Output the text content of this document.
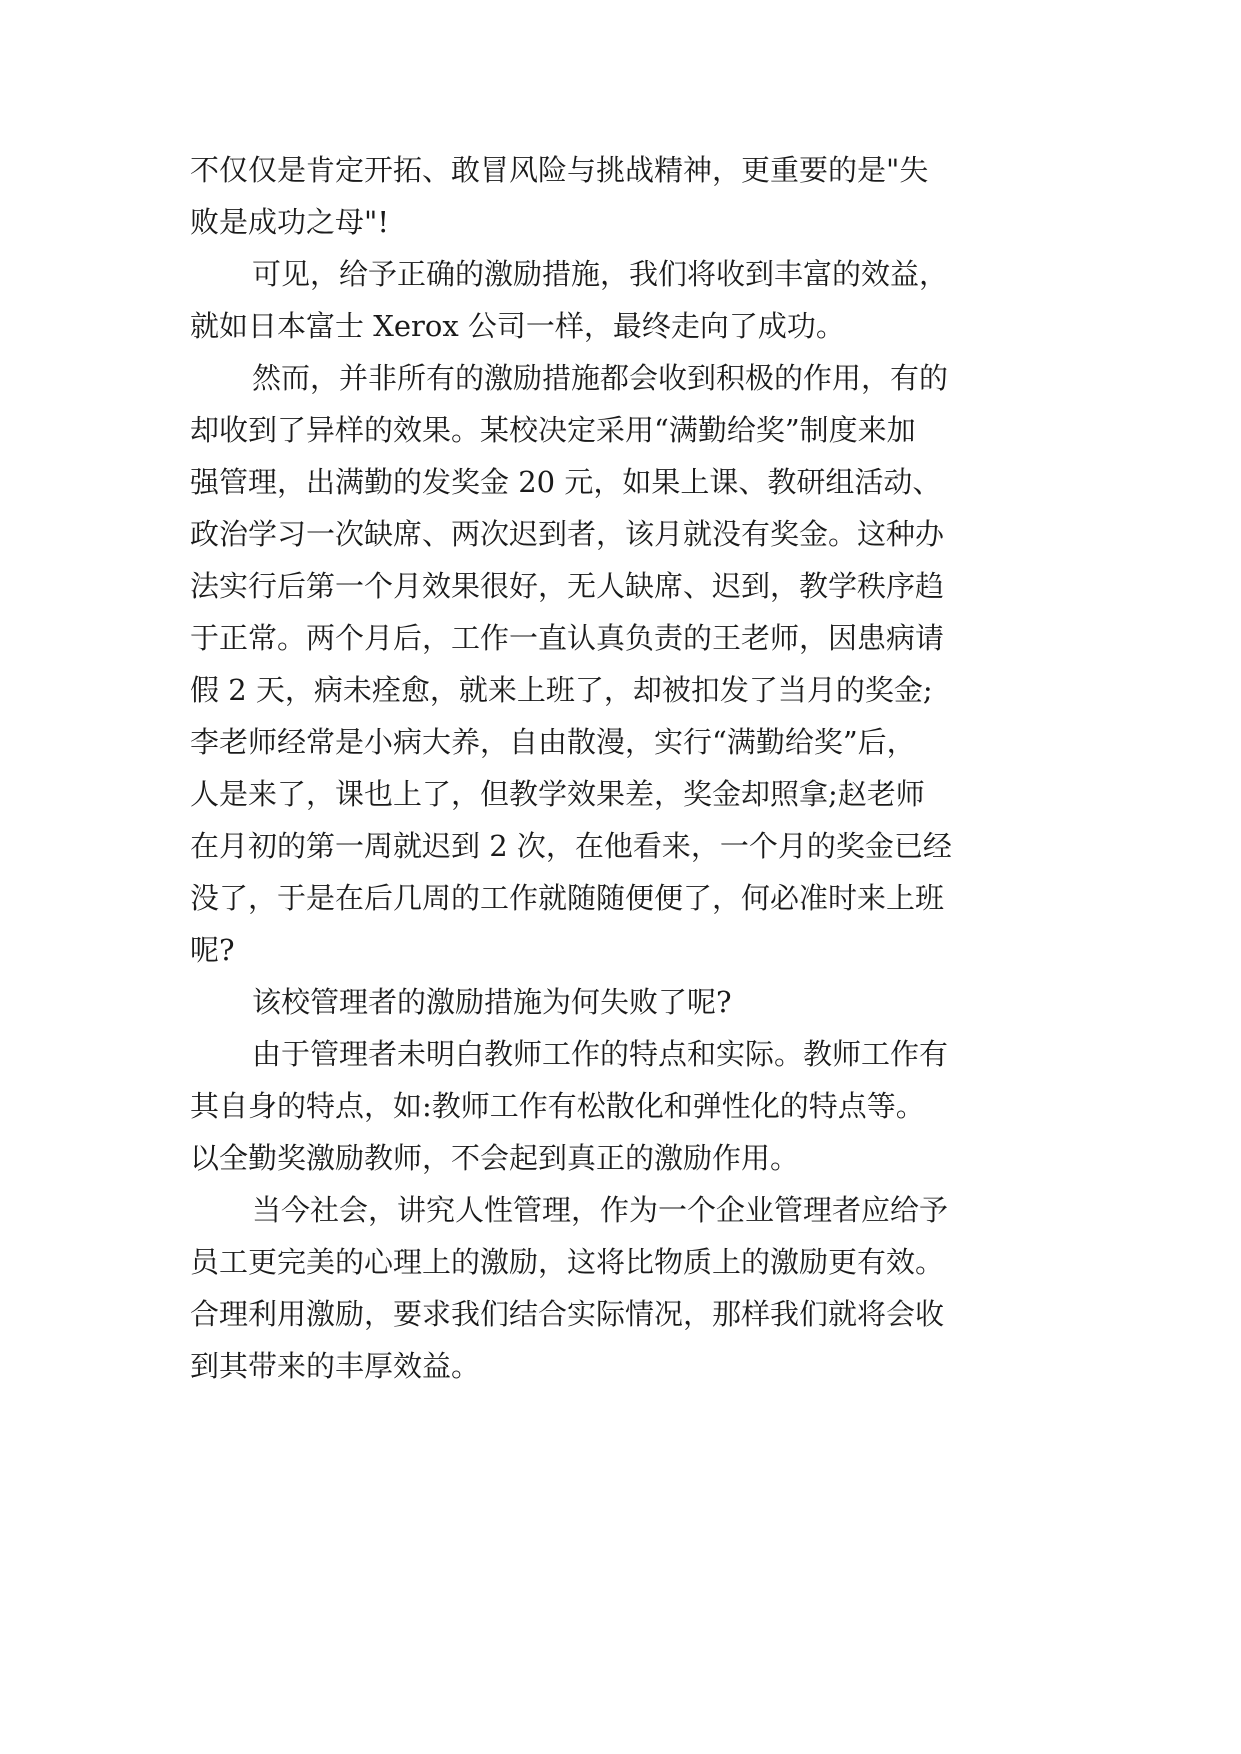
不仅仅是肯定开拓、敢冒风险与挑战精神，更重要的是"失
败是成功之母"!
可见，给予正确的激励措施，我们将收到丰富的效益，
就如日本富士 Xerox 公司一样，最终走向了成功。
然而，并非所有的激励措施都会收到积极的作用，有的
却收到了异样的效果。某校决定采用“满勤给奖”制度来加
强管理，出满勤的发奖金 20 元，如果上课、教研组活动、
政治学习一次缺席、两次迟到者，该月就没有奖金。这种办
法实行后第一个月效果很好，无人缺席、迟到，教学秩序趋
于正常。两个月后，工作一直认真负责的王老师，因患病请
假 2 天，病未痊愈，就来上班了，却被扣发了当月的奖金;
李老师经常是小病大养，自由散漫，实行“满勤给奖”后，
人是来了，课也上了，但教学效果差，奖金却照拿;赵老师
在月初的第一周就迟到 2 次，在他看来，一个月的奖金已经
没了，于是在后几周的工作就随随便便了，何必准时来上班
呢?
该校管理者的激励措施为何失败了呢?
由于管理者未明白教师工作的特点和实际。教师工作有
其自身的特点，如:教师工作有松散化和弹性化的特点等。
以全勤奖激励教师，不会起到真正的激励作用。
当今社会，讲究人性管理，作为一个企业管理者应给予
员工更完美的心理上的激励，这将比物质上的激励更有效。
合理利用激励，要求我们结合实际情况，那样我们就将会收
到其带来的丰厚效益。
